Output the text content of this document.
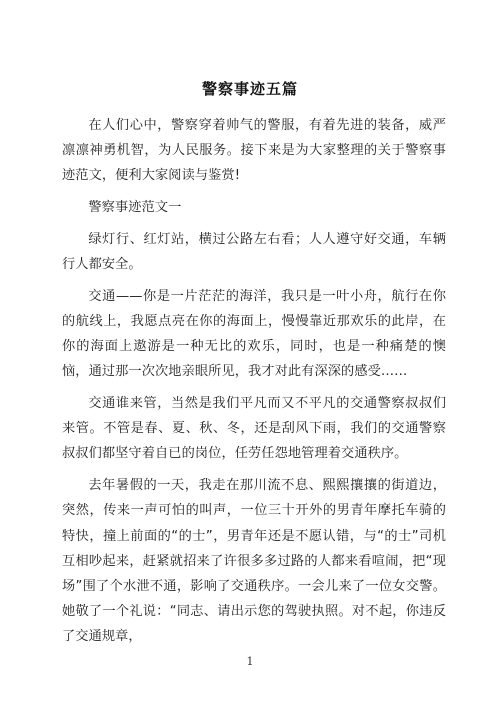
警察事迹五篇

在人们心中，警察穿着帅气的警服，有着先进的装备，威严凛凛神勇机智，为人民服务。接下来是为大家整理的关于警察事迹范文，便利大家阅读与鉴赏!

警察事迹范文一

绿灯行、红灯站，横过公路左右看；人人遵守好交通，车辆行人都安全。

交通——你是一片茫茫的海洋，我只是一叶小舟，航行在你的航线上，我愿点亮在你的海面上，慢慢靠近那欢乐的此岸，在你的海面上遨游是一种无比的欢乐，同时，也是一种痛楚的懊恼，通过那一次次地亲眼所见，我才对此有深深的感受……

交通谁来管，当然是我们平凡而又不平凡的交通警察叔叔们来管。不管是春、夏、秋、冬，还是刮风下雨，我们的交通警察叔叔们都坚守着自已的岗位，任劳任怨地管理着交通秩序。

去年暑假的一天，我走在那川流不息、熙熙攘攘的街道边，突然，传来一声可怕的叫声，一位三十开外的男青年摩托车骑的特快，撞上前面的“的士”，男青年还是不愿认错，与“的士”司机互相吵起来，赶紧就招来了许很多多过路的人都来看喧闹，把“现场”围了个水泄不通，影响了交通秩序。一会儿来了一位女交警。她敬了一个礼说：“同志、请出示您的驾驶执照。对不起，你违反了交通规章，

1
